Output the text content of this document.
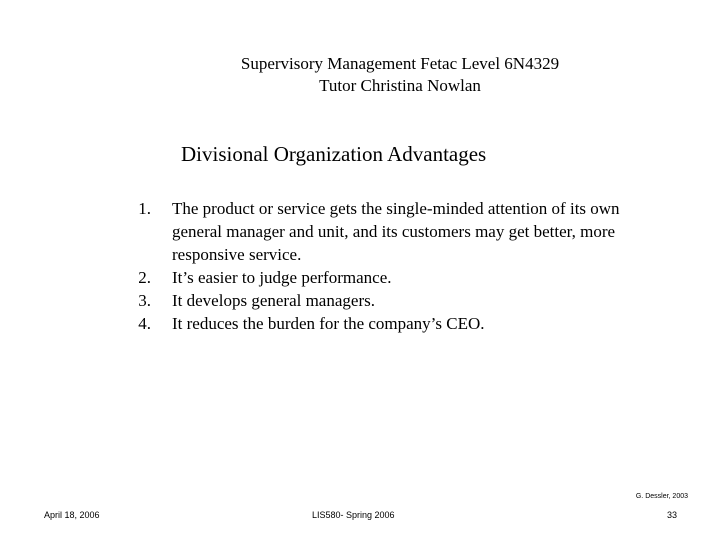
Supervisory Management Fetac Level 6N4329
Tutor Christina Nowlan
Divisional Organization Advantages
1. The product or service gets the single-minded attention of its own general manager and unit, and its customers may get better, more responsive service.
2. It’s easier to judge performance.
3. It develops general managers.
4. It reduces the burden for the company’s CEO.
G. Dessler, 2003
April 18, 2006	LIS580- Spring 2006	33
